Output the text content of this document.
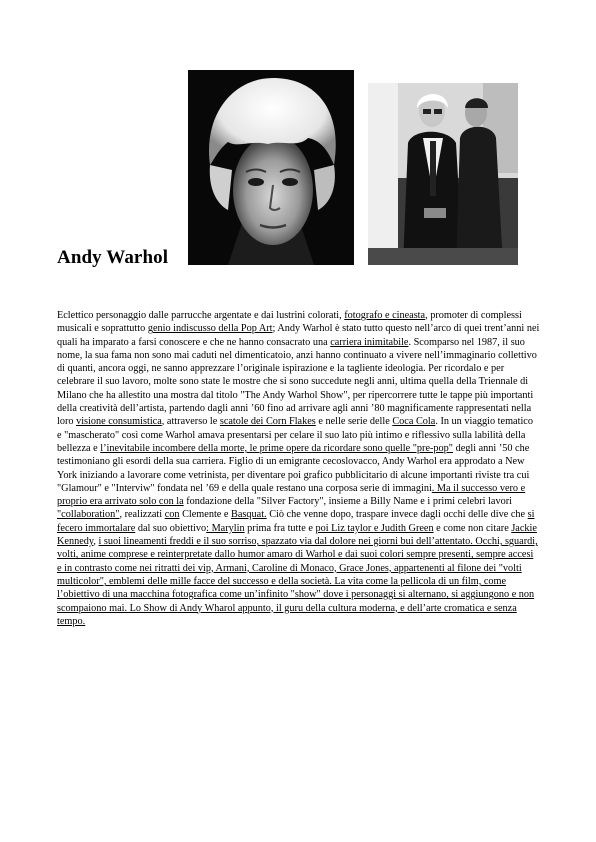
Andy Warhol

Eclettico personaggio dalle parrucche argentate e dai lustrini colorati, fotografo e cineasta, promoter di complessi musicali e soprattutto genio indiscusso della Pop Art; Andy Warhol è stato tutto questo nell’arco di quei trent’anni nei quali ha imparato a farsi conoscere e che ne hanno consacrato una carriera inimitabile. Scomparso nel 1987, il suo nome, la sua fama non sono mai caduti nel dimenticatoio, anzi hanno continuato a vivere nell’immaginario collettivo di quanti, ancora oggi, ne sanno apprezzare l’originale ispirazione e la tagliente ideologia. Per ricordalo e per celebrare il suo lavoro, molte sono state le mostre che si sono succedute negli anni, ultima quella della Triennale di Milano che ha allestito una mostra dal titolo "The Andy Warhol Show", per ripercorrere tutte le tappe più importanti della creatività dell’artista, partendo dagli anni ’60 fino ad arrivare agli anni ’80 magnificamente rappresentati nella loro visione consumistica, attraverso le scatole dei Corn Flakes e nelle serie delle Coca Cola. In un viaggio tematico e "mascherato" così come Warhol amava presentarsi per celare il suo lato più intimo e riflessivo sulla labilità della bellezza e l’inevitabile incombere della morte, le prime opere da ricordare sono quelle "pre-pop" degli anni ’50 che testimoniano gli esordi della sua carriera. Figlio di un emigrante cecoslovacco, Andy Warhol era approdato a New York iniziando a lavorare come vetrinista, per diventare poi grafico pubblicitario di alcune importanti riviste tra cui "Glamour" e "Interviw" fondata nel ’69 e della quale restano una corposa serie di immagini. Ma il successo vero e proprio era arrivato solo con la fondazione della "Silver Factory", insieme a Billy Name e i primi celebri lavori "collaboration", realizzati con Clemente e Basquat. Ciò che venne dopo, traspare invece dagli occhi delle dive che si fecero immortalare dal suo obiettivo: Marylin prima fra tutte e poi Liz taylor e Judith Green e come non citare Jackie Kennedy, i suoi lineamenti freddi e il suo sorriso, spazzato via dal dolore nei giorni bui dell’attentato. Occhi, sguardi, volti, anime comprese e reinterpretate dallo humor amaro di Warhol e dai suoi colori sempre presenti, sempre accesi e in contrasto come nei ritratti dei vip, Armani, Caroline di Monaco, Grace Jones, appartenenti al filone dei "volti multicolor", emblemi delle mille facce del successo e della società. La vita come la pellicola di un film, come l’obiettivo di una macchina fotografica come un’infinito "show" dove i personaggi si alternano, si aggiungono e non scompaiono mai. Lo Show di Andy Wharol appunto, il guru della cultura moderna, e dell’arte cromatica e senza tempo.
